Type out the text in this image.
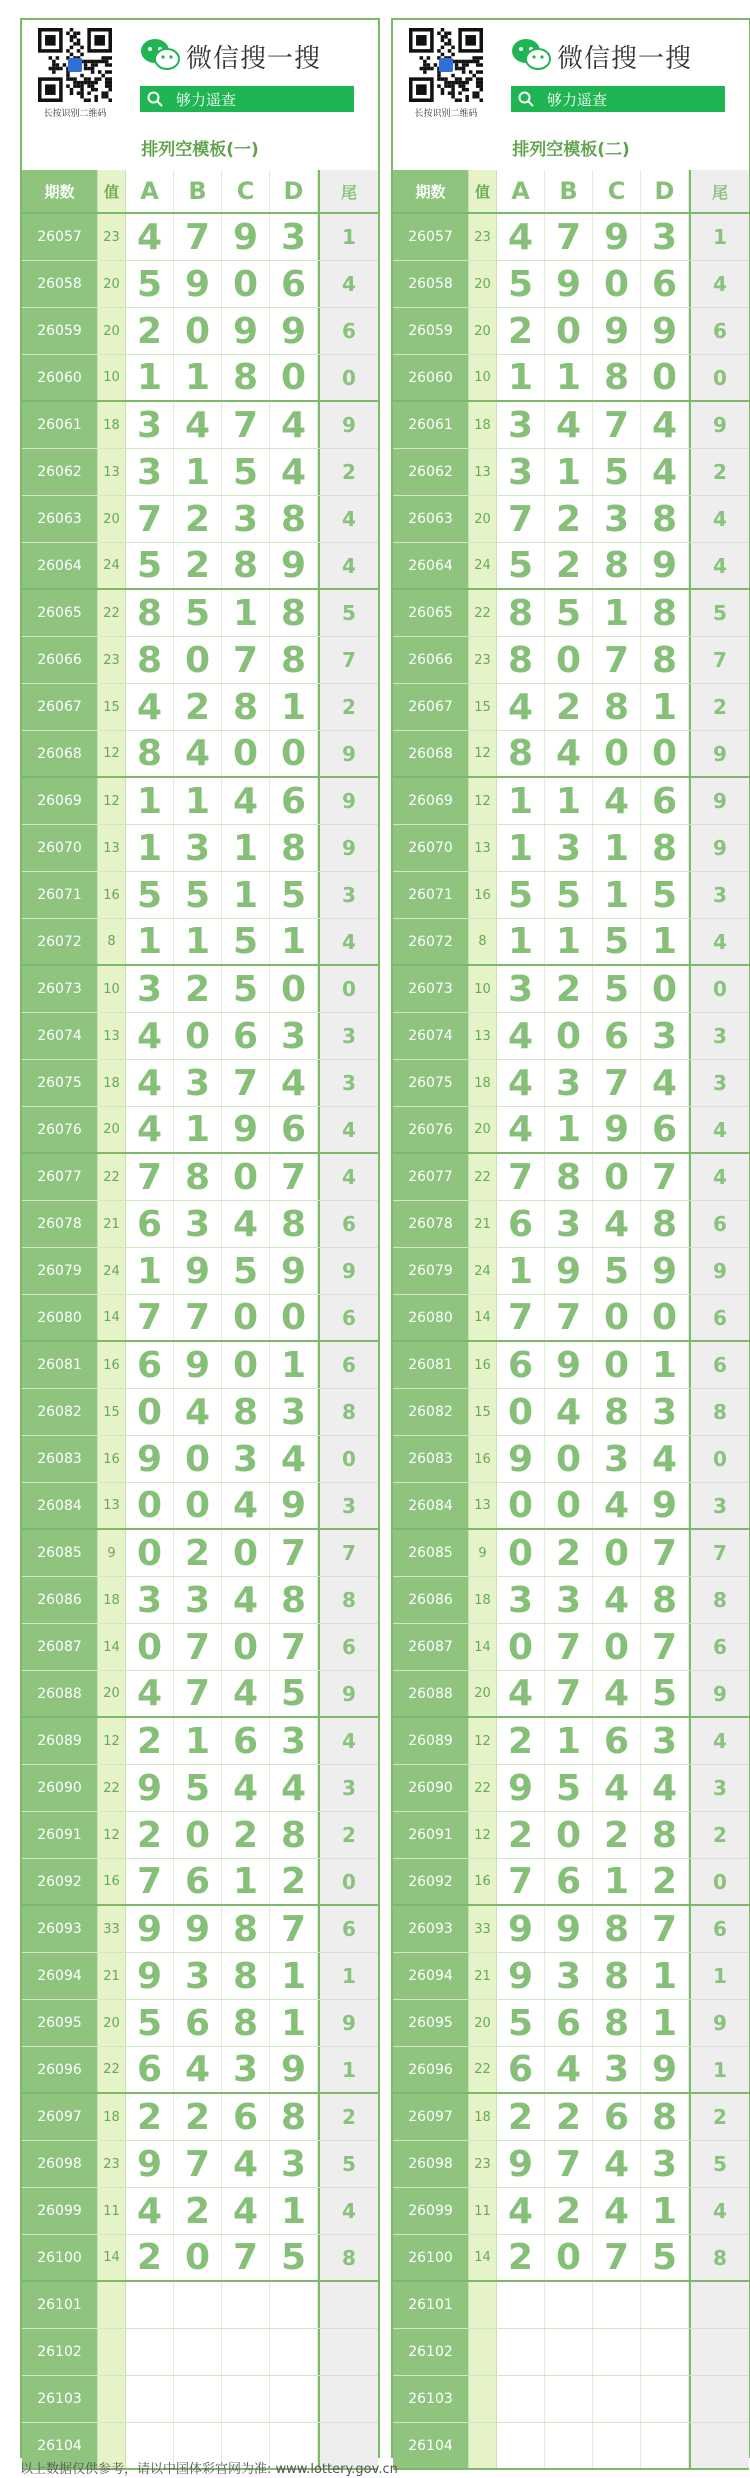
长按识别二维码
微信搜一搜
够力遥查
排列空模板(一)
期数	值 A	B	C	D	尾
26057	23 4 7 9 3	1
26058	20 5 9 0 6	4
26059	20 2 0 9 9	6
26060	10 1 1 8 0	0
26061	18 3 4 7 4	9
26062	13 3 1 5 4	2
26063	20 7 2 3 8	4
26064	24 5 2 8 9	4
26065	22 8 5 1 8	5
26066	23 8 0 7 8	7
26067	15 4 2 8 1	2
26068	12 8 4 0 0	9
26069	12 1 1 4 6	9
26070	13 1 3 1 8	9
26071	16 5 5 1 5	3
26072	8 1 1 5 1	4
26073	10 3 2 5 0	0
26074	13 4 0 6 3	3
26075	18 4 3 7 4	3
26076	20 4 1 9 6	4
26077	22 7 8 0 7	4
26078	21 6 3 4 8	6
26079	24 1 9 5 9	9
26080	14 7 7 0 0	6
26081	16 6 9 0 1	6
26082	15 0 4 8 3	8
26083	16 9 0 3 4	0
26084	13 0 0 4 9	3
26085	9 0 2 0 7	7
26086	18 3 3 4 8	8
26087	14 0 7 0 7	6
26088	20 4 7 4 5	9
26089	12 2 1 6 3	4
26090	22 9 5 4 4	3
26091	12 2 0 2 8	2
26092	16 7 6 1 2	0
26093	33 9 9 8 7	6
26094	21 9 3 8 1	1
26095	20 5 6 8 1	9
26096	22 6 4 3 9	1
26097	18 2 2 6 8	2
26098	23 9 7 4 3	5
26099	11 4 2 4 1	4
26100	14 2 0 7 5	8
26101
26102
26103
26104
长按识别二维码
微信搜一搜
够力遥查
排列空模板(二)
期数	值 A	B	C	D	尾
26057	23 4 7 9 3	1
26058	20 5 9 0 6	4
26059	20 2 0 9 9	6
26060	10 1 1 8 0	0
26061	18 3 4 7 4	9
26062	13 3 1 5 4	2
26063	20 7 2 3 8	4
26064	24 5 2 8 9	4
26065	22 8 5 1 8	5
26066	23 8 0 7 8	7
26067	15 4 2 8 1	2
26068	12 8 4 0 0	9
26069	12 1 1 4 6	9
26070	13 1 3 1 8	9
26071	16 5 5 1 5	3
26072	8 1 1 5 1	4
26073	10 3 2 5 0	0
26074	13 4 0 6 3	3
26075	18 4 3 7 4	3
26076	20 4 1 9 6	4
26077	22 7 8 0 7	4
26078	21 6 3 4 8	6
26079	24 1 9 5 9	9
26080	14 7 7 0 0	6
26081	16 6 9 0 1	6
26082	15 0 4 8 3	8
26083	16 9 0 3 4	0
26084	13 0 0 4 9	3
26085	9 0 2 0 7	7
26086	18 3 3 4 8	8
26087	14 0 7 0 7	6
26088	20 4 7 4 5	9
26089	12 2 1 6 3	4
26090	22 9 5 4 4	3
26091	12 2 0 2 8	2
26092	16 7 6 1 2	0
26093	33 9 9 8 7	6
26094	21 9 3 8 1	1
26095	20 5 6 8 1	9
26096	22 6 4 3 9	1
26097	18 2 2 6 8	2
26098	23 9 7 4 3	5
26099	11 4 2 4 1	4
26100	14 2 0 7 5	8
26101
26102
26103
26104
以上数据仅供参考，请以中国体彩官网为准: www.lottery.gov.cn
